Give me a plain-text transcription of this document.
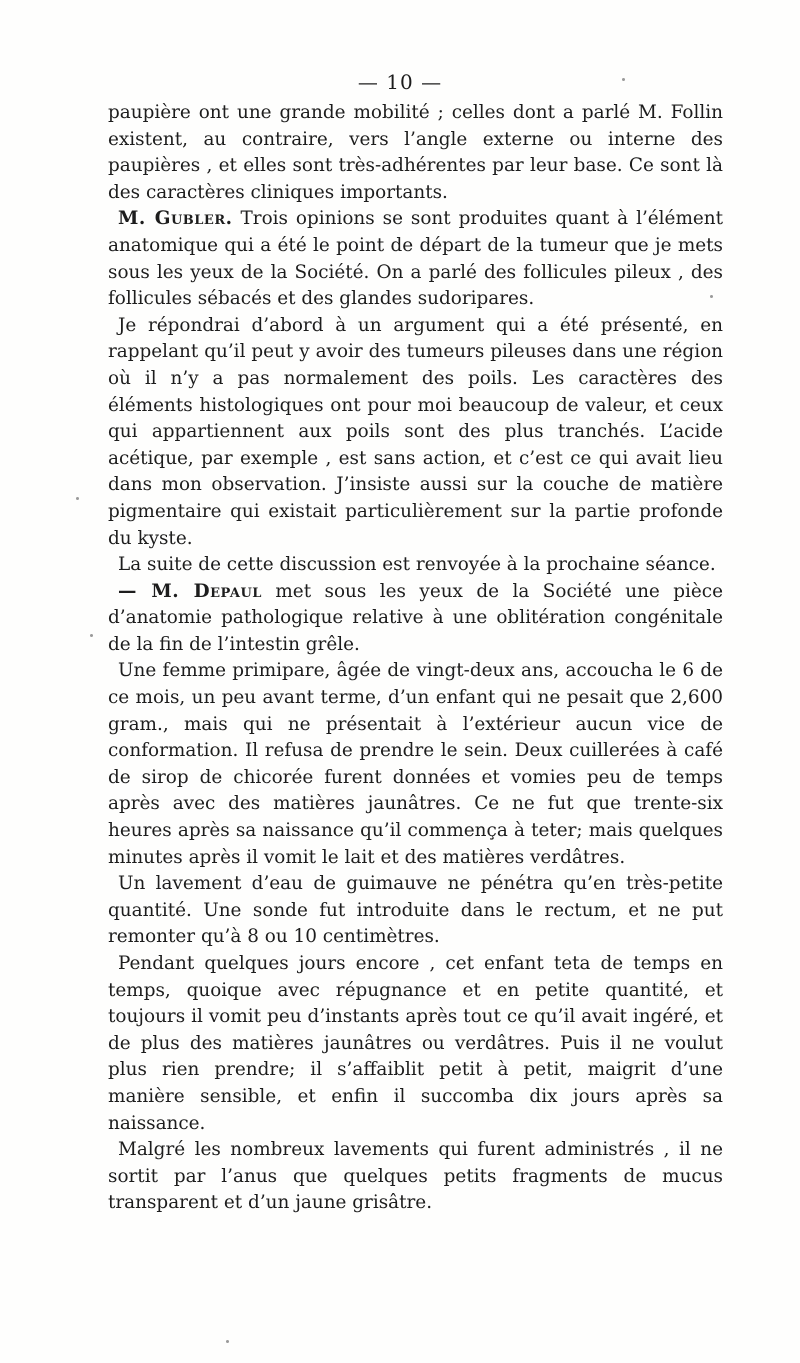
— 10 —

paupière ont une grande mobilité ; celles dont a parlé M. Follin existent, au contraire, vers l’angle externe ou interne des paupières , et elles sont très-adhérentes par leur base. Ce sont là des caractères cliniques importants.

M. Gubler. Trois opinions se sont produites quant à l’élément anatomique qui a été le point de départ de la tumeur que je mets sous les yeux de la Société. On a parlé des follicules pileux , des follicules sébacés et des glandes sudoripares.

Je répondrai d’abord à un argument qui a été présenté, en rappelant qu’il peut y avoir des tumeurs pileuses dans une région où il n’y a pas normalement des poils. Les caractères des éléments histologiques ont pour moi beaucoup de valeur, et ceux qui appartiennent aux poils sont des plus tranchés. L’acide acétique, par exemple , est sans action, et c’est ce qui avait lieu dans mon observation. J’insiste aussi sur la couche de matière pigmentaire qui existait particulièrement sur la partie profonde du kyste.

La suite de cette discussion est renvoyée à la prochaine séance.

— M. Depaul met sous les yeux de la Société une pièce d’anatomie pathologique relative à une oblitération congénitale de la fin de l’intestin grêle.

Une femme primipare, âgée de vingt-deux ans, accoucha le 6 de ce mois, un peu avant terme, d’un enfant qui ne pesait que 2,600 gram., mais qui ne présentait à l’extérieur aucun vice de conformation. Il refusa de prendre le sein. Deux cuillerées à café de sirop de chicorée furent données et vomies peu de temps après avec des matières jaunâtres. Ce ne fut que trente-six heures après sa naissance qu’il commença à teter; mais quelques minutes après il vomit le lait et des matières verdâtres.

Un lavement d’eau de guimauve ne pénétra qu’en très-petite quantité. Une sonde fut introduite dans le rectum, et ne put remonter qu’à 8 ou 10 centimètres.

Pendant quelques jours encore , cet enfant teta de temps en temps, quoique avec répugnance et en petite quantité, et toujours il vomit peu d’instants après tout ce qu’il avait ingéré, et de plus des matières jaunâtres ou verdâtres. Puis il ne voulut plus rien prendre; il s’affaiblit petit à petit, maigrit d’une manière sensible, et enfin il succomba dix jours après sa naissance.

Malgré les nombreux lavements qui furent administrés , il ne sortit par l’anus que quelques petits fragments de mucus transparent et d’un jaune grisâtre.
